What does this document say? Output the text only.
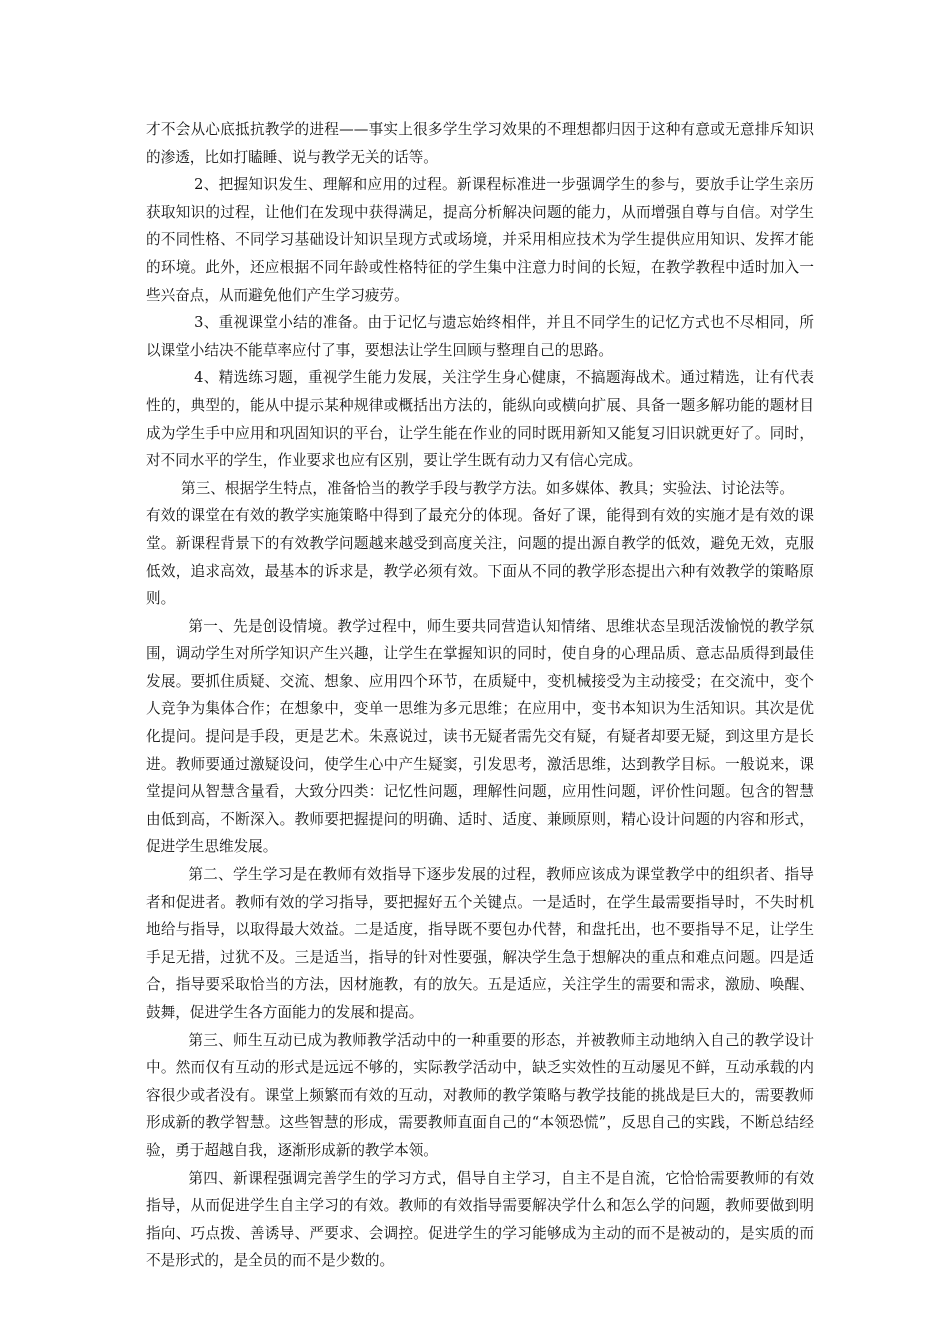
才不会从心底抵抗教学的进程——事实上很多学生学习效果的不理想都归因于这种有意或无意排斥知识的渗透，比如打瞌睡、说与教学无关的话等。

2、把握知识发生、理解和应用的过程。新课程标准进一步强调学生的参与，要放手让学生亲历获取知识的过程，让他们在发现中获得满足，提高分析解决问题的能力，从而增强自尊与自信。对学生的不同性格、不同学习基础设计知识呈现方式或场境，并采用相应技术为学生提供应用知识、发挥才能的环境。此外，还应根据不同年龄或性格特征的学生集中注意力时间的长短，在教学教程中适时加入一些兴奋点，从而避免他们产生学习疲劳。

3、重视课堂小结的准备。由于记忆与遗忘始终相伴，并且不同学生的记忆方式也不尽相同，所以课堂小结决不能草率应付了事，要想法让学生回顾与整理自己的思路。

4、精选练习题，重视学生能力发展，关注学生身心健康，不搞题海战术。通过精选，让有代表性的，典型的，能从中提示某种规律或概括出方法的，能纵向或横向扩展、具备一题多解功能的题材目成为学生手中应用和巩固知识的平台，让学生能在作业的同时既用新知又能复习旧识就更好了。同时，对不同水平的学生，作业要求也应有区别，要让学生既有动力又有信心完成。

第三、根据学生特点，准备恰当的教学手段与教学方法。如多媒体、教具；实验法、讨论法等。

有效的课堂在有效的教学实施策略中得到了最充分的体现。备好了课，能得到有效的实施才是有效的课堂。新课程背景下的有效教学问题越来越受到高度关注，问题的提出源自教学的低效，避免无效，克服低效，追求高效，最基本的诉求是，教学必须有效。下面从不同的教学形态提出六种有效教学的策略原则。

第一、先是创设情境。教学过程中，师生要共同营造认知情绪、思维状态呈现活泼愉悦的教学氛围，调动学生对所学知识产生兴趣，让学生在掌握知识的同时，使自身的心理品质、意志品质得到最佳发展。要抓住质疑、交流、想象、应用四个环节，在质疑中，变机械接受为主动接受；在交流中，变个人竞争为集体合作；在想象中，变单一思维为多元思维；在应用中，变书本知识为生活知识。其次是优化提问。提问是手段，更是艺术。朱熹说过，读书无疑者需先交有疑，有疑者却要无疑，到这里方是长进。教师要通过激疑设问，使学生心中产生疑窦，引发思考，激活思维，达到教学目标。一般说来，课堂提问从智慧含量看，大致分四类：记忆性问题，理解性问题，应用性问题，评价性问题。包含的智慧由低到高，不断深入。教师要把握提问的明确、适时、适度、兼顾原则，精心设计问题的内容和形式，促进学生思维发展。

第二、学生学习是在教师有效指导下逐步发展的过程，教师应该成为课堂教学中的组织者、指导者和促进者。教师有效的学习指导，要把握好五个关键点。一是适时，在学生最需要指导时，不失时机地给与指导，以取得最大效益。二是适度，指导既不要包办代替，和盘托出，也不要指导不足，让学生手足无措，过犹不及。三是适当，指导的针对性要强，解决学生急于想解决的重点和难点问题。四是适合，指导要采取恰当的方法，因材施教，有的放矢。五是适应，关注学生的需要和需求，激励、唤醒、鼓舞，促进学生各方面能力的发展和提高。

第三、师生互动已成为教师教学活动中的一种重要的形态，并被教师主动地纳入自己的教学设计中。然而仅有互动的形式是远远不够的，实际教学活动中，缺乏实效性的互动屡见不鲜，互动承载的内容很少或者没有。课堂上频繁而有效的互动，对教师的教学策略与教学技能的挑战是巨大的，需要教师形成新的教学智慧。这些智慧的形成，需要教师直面自己的“本领恐慌”，反思自己的实践，不断总结经验，勇于超越自我，逐渐形成新的教学本领。

第四、新课程强调完善学生的学习方式，倡导自主学习，自主不是自流，它恰恰需要教师的有效指导，从而促进学生自主学习的有效。教师的有效指导需要解决学什么和怎么学的问题，教师要做到明指向、巧点拨、善诱导、严要求、会调控。促进学生的学习能够成为主动的而不是被动的，是实质的而不是形式的，是全员的而不是少数的。
